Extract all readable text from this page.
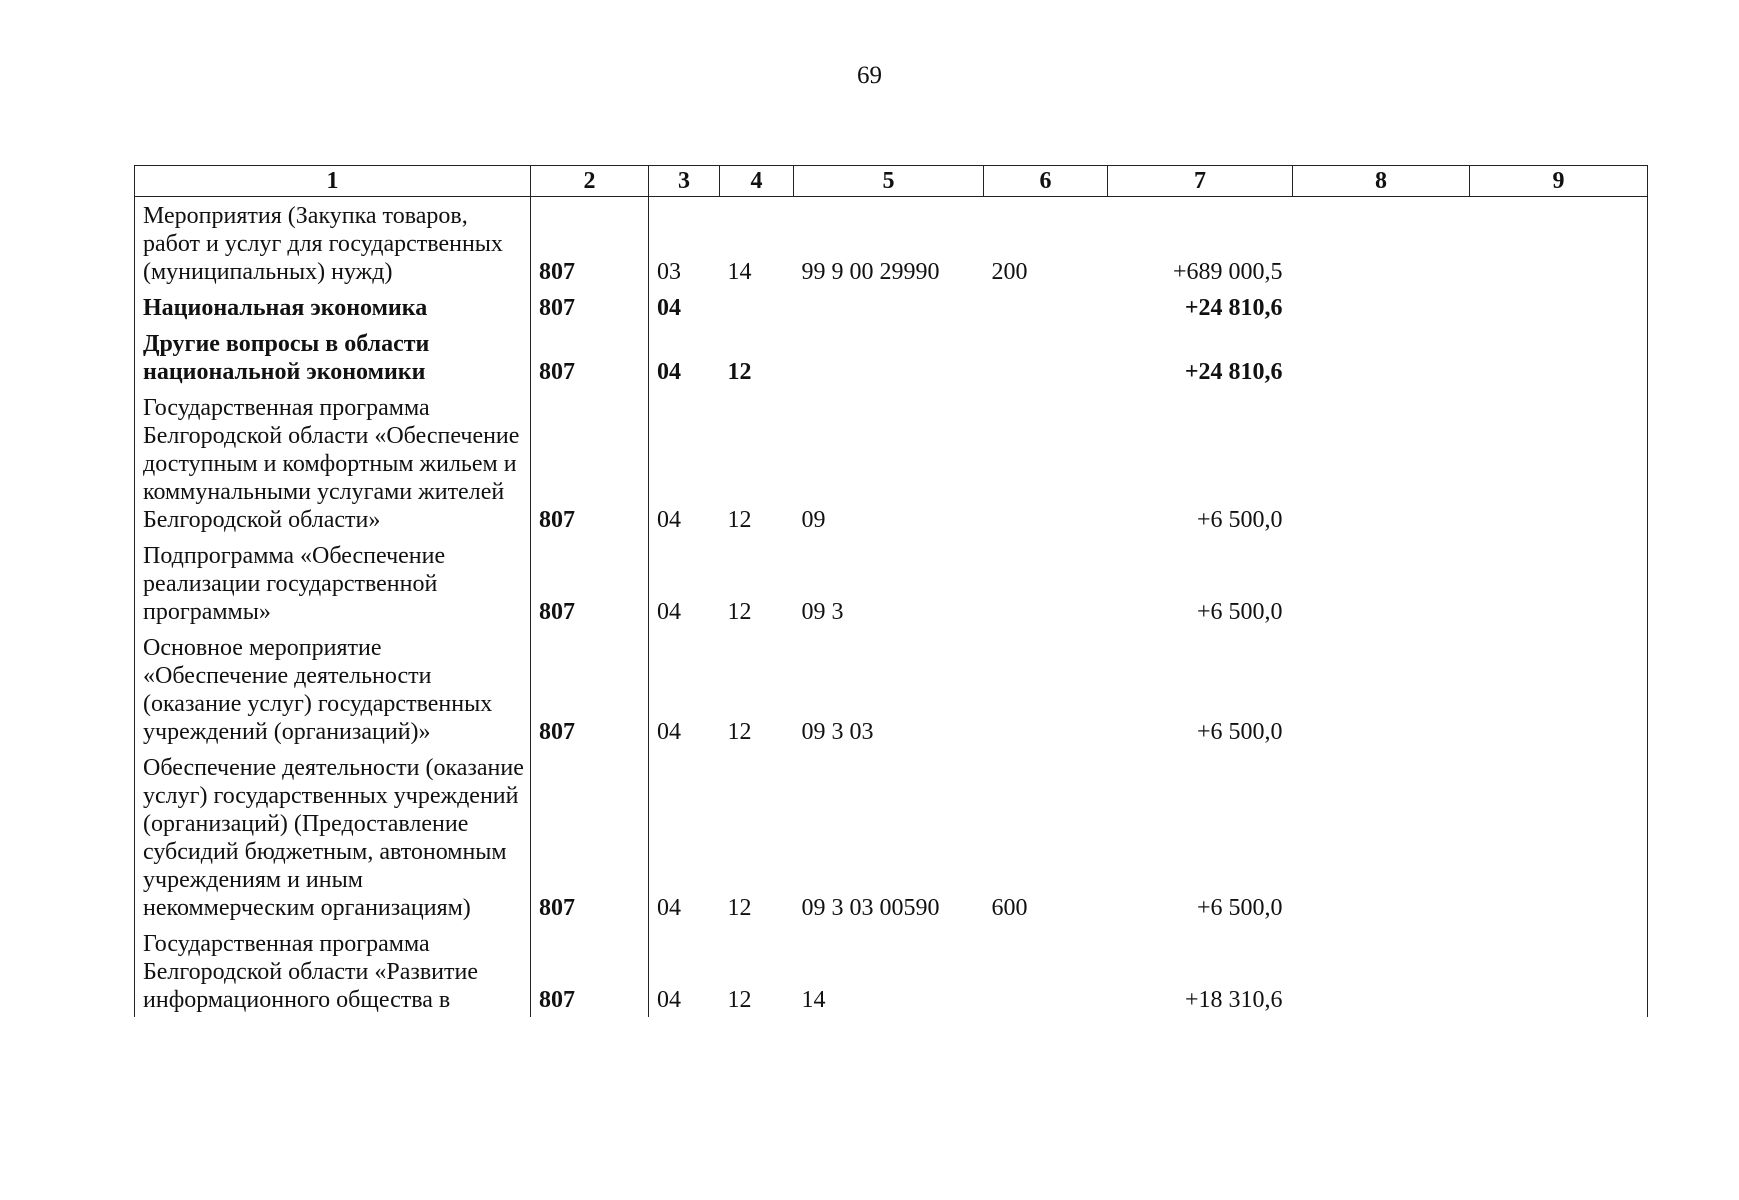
69
1	2	3	4	5	6	7	8	9
Мероприятия (Закупка товаров, работ и услуг для государственных (муниципальных) нужд)	807	03	14	99 9 00 29990	200	+689 000,5		
Национальная экономика	807	04				+24 810,6		
Другие вопросы в области национальной экономики	807	04	12			+24 810,6		
Государственная программа Белгородской области «Обеспечение доступным и комфортным жильем и коммунальными услугами жителей Белгородской области»	807	04	12	09		+6 500,0		
Подпрограмма «Обеспечение реализации государственной программы»	807	04	12	09 3		+6 500,0		
Основное мероприятие «Обеспечение деятельности (оказание услуг) государственных учреждений (организаций)»	807	04	12	09 3 03		+6 500,0		
Обеспечение деятельности (оказание услуг) государственных учреждений (организаций) (Предоставление субсидий бюджетным, автономным учреждениям и иным некоммерческим организациям)	807	04	12	09 3 03 00590	600	+6 500,0		
Государственная программа Белгородской области «Развитие информационного общества в	807	04	12	14		+18 310,6		
